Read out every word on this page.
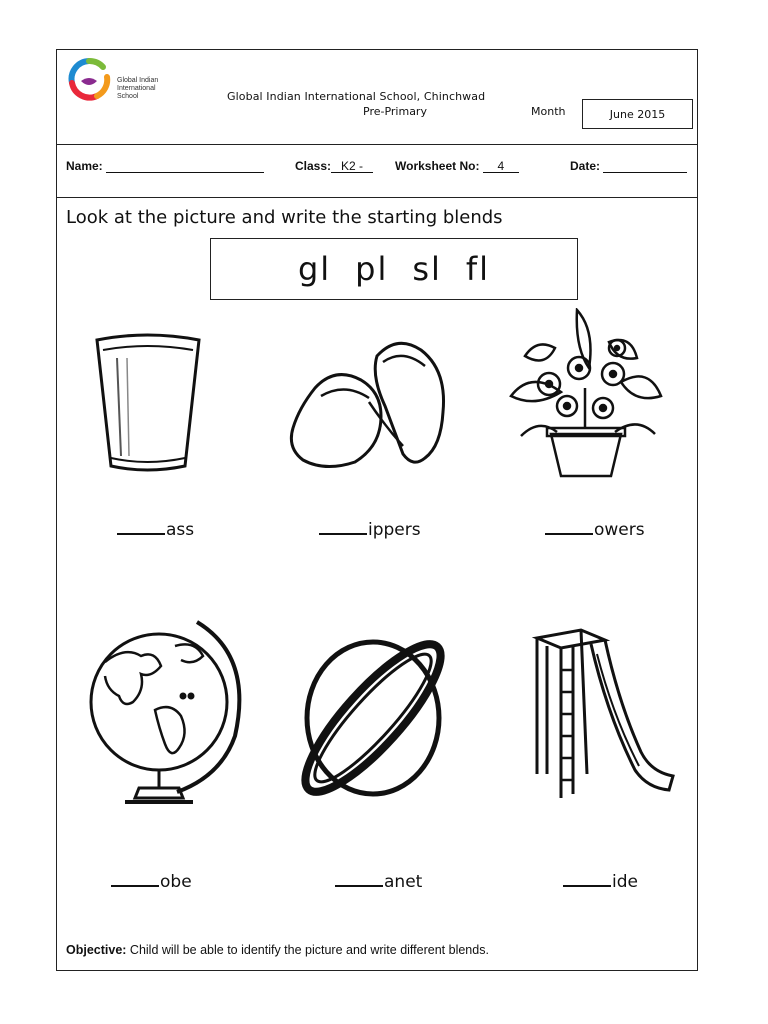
Global Indian
International
School	Global Indian International School, Chinchwad
Pre-Primary	Month	June 2015
Name:	Class: K2 -	Worksheet No: 4	Date:
Look at the picture and write the starting blends
gl pl sl fl
ass	ippers	owers
obe	anet	ide
Objective: Child will be able to identify the picture and write different blends.
